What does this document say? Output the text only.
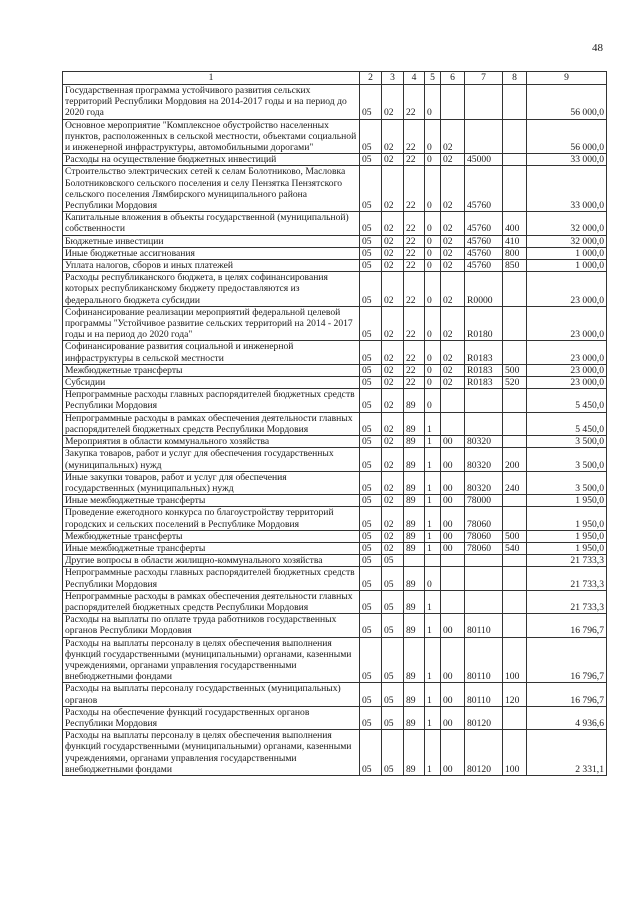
48
1	2	3	4	5	6	7	8	9
Государственная программа устойчивого развития сельских территорий Республики Мордовия на 2014-2017 годы и на период до 2020 года	05	02	22	0				56 000,0
Основное мероприятие "Комплексное обустройство населенных пунктов, расположенных в сельской местности, объектами социальной и инженерной инфраструктуры, автомобильными дорогами"	05	02	22	0	02			56 000,0
Расходы на осуществление бюджетных инвестиций	05	02	22	0	02	45000		33 000,0
Строительство электрических сетей к селам Болотниково, Масловка Болотниковского сельского поселения и селу Пензятка Пензятского сельского поселения Лямбирского муниципального района Республики Мордовия	05	02	22	0	02	45760		33 000,0
Капитальные вложения в объекты государственной (муниципальной) собственности	05	02	22	0	02	45760	400	32 000,0
Бюджетные инвестиции	05	02	22	0	02	45760	410	32 000,0
Иные бюджетные ассигнования	05	02	22	0	02	45760	800	1 000,0
Уплата налогов, сборов и иных платежей	05	02	22	0	02	45760	850	1 000,0
Расходы республиканского бюджета, в целях софинансирования которых республиканскому бюджету предоставляются из федерального бюджета субсидии	05	02	22	0	02	R0000		23 000,0
Софинансирование реализации мероприятий федеральной целевой программы "Устойчивое развитие сельских территорий на 2014 - 2017 годы и на период до 2020 года"	05	02	22	0	02	R0180		23 000,0
Софинансирование развития социальной и инженерной инфраструктуры в сельской местности	05	02	22	0	02	R0183		23 000,0
Межбюджетные трансферты	05	02	22	0	02	R0183	500	23 000,0
Субсидии	05	02	22	0	02	R0183	520	23 000,0
Непрограммные расходы главных распорядителей бюджетных средств Республики Мордовия	05	02	89	0				5 450,0
Непрограммные расходы в рамках обеспечения деятельности главных распорядителей бюджетных средств Республики Мордовия	05	02	89	1				5 450,0
Мероприятия в области коммунального хозяйства	05	02	89	1	00	80320		3 500,0
Закупка товаров, работ и услуг для обеспечения государственных (муниципальных) нужд	05	02	89	1	00	80320	200	3 500,0
Иные закупки товаров, работ и услуг для обеспечения государственных (муниципальных) нужд	05	02	89	1	00	80320	240	3 500,0
Иные межбюджетные трансферты	05	02	89	1	00	78000		1 950,0
Проведение ежегодного конкурса по благоустройству территорий городских и сельских поселений в Республике Мордовия	05	02	89	1	00	78060		1 950,0
Межбюджетные трансферты	05	02	89	1	00	78060	500	1 950,0
Иные межбюджетные трансферты	05	02	89	1	00	78060	540	1 950,0
Другие вопросы в области жилищно-коммунального хозяйства	05	05						21 733,3
Непрограммные расходы главных распорядителей бюджетных средств Республики Мордовия	05	05	89	0				21 733,3
Непрограммные расходы в рамках обеспечения деятельности главных распорядителей бюджетных средств Республики Мордовия	05	05	89	1				21 733,3
Расходы на выплаты по оплате труда работников государственных органов Республики Мордовия	05	05	89	1	00	80110		16 796,7
Расходы на выплаты персоналу в целях обеспечения выполнения функций государственными (муниципальными) органами, казенными учреждениями, органами управления государственными внебюджетными фондами	05	05	89	1	00	80110	100	16 796,7
Расходы на выплаты персоналу государственных (муниципальных) органов	05	05	89	1	00	80110	120	16 796,7
Расходы на обеспечение функций государственных органов Республики Мордовия	05	05	89	1	00	80120		4 936,6
Расходы на выплаты персоналу в целях обеспечения выполнения функций государственными (муниципальными) органами, казенными учреждениями, органами управления государственными внебюджетными фондами	05	05	89	1	00	80120	100	2 331,1
